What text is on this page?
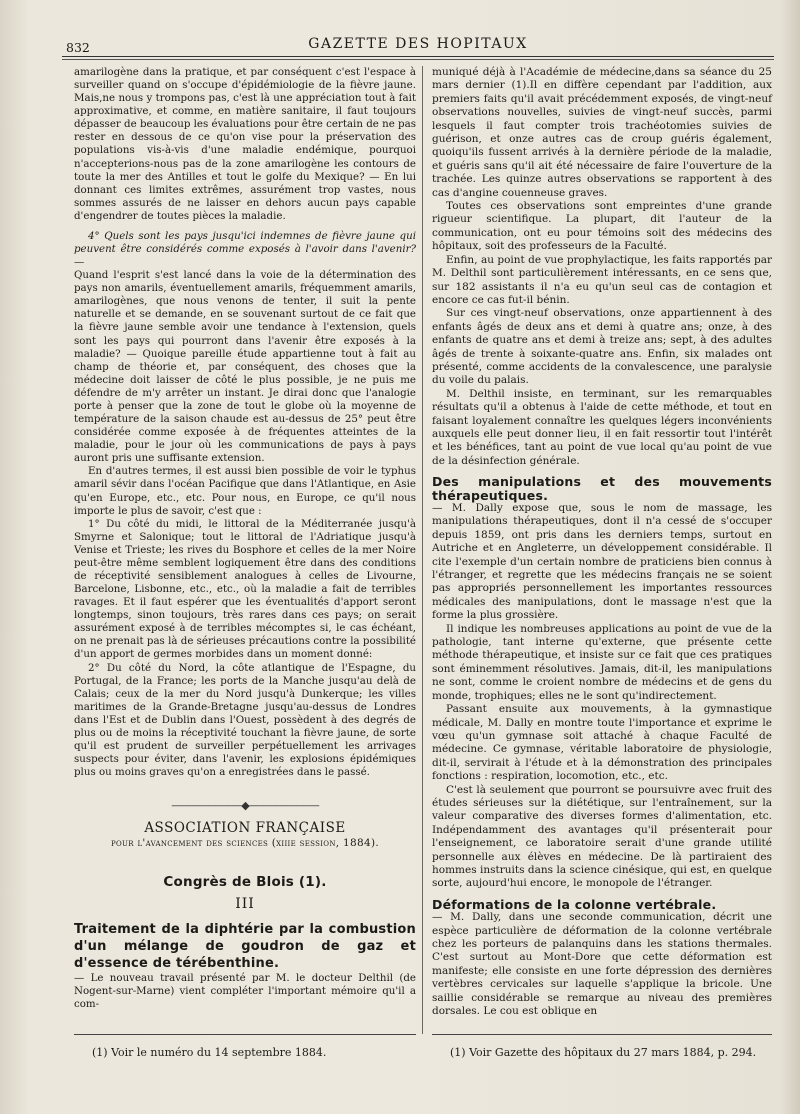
832	GAZETTE DES HOPITAUX

amarilogène dans la pratique, et par conséquent c'est l'espace à surveiller quand on s'occupe d'épidémiologie de la fièvre jaune. Mais,ne nous y trompons pas, c'est là une appréciation tout à fait approximative, et comme, en matière sanitaire, il faut toujours dépasser de beaucoup les évaluations pour être certain de ne pas rester en dessous de ce qu'on vise pour la préservation des populations vis-à-vis d'une maladie endémique, pourquoi n'accepterions-nous pas de la zone amarilogène les contours de toute la mer des Antilles et tout le golfe du Mexique? — En lui donnant ces limites extrêmes, assurément trop vastes, nous sommes assurés de ne laisser en dehors aucun pays capable d'engendrer de toutes pièces la maladie.

4° Quels sont les pays jusqu'ici indemnes de fièvre jaune qui peuvent être considérés comme exposés à l'avoir dans l'avenir? —

Quand l'esprit s'est lancé dans la voie de la détermination des pays non amarils, éventuellement amarils, fréquemment amarils, amarilogènes, que nous venons de tenter, il suit la pente naturelle et se demande, en se souvenant surtout de ce fait que la fièvre jaune semble avoir une tendance à l'extension, quels sont les pays qui pourront dans l'avenir être exposés à la maladie? — Quoique pareille étude appartienne tout à fait au champ de théorie et, par conséquent, des choses que la médecine doit laisser de côté le plus possible, je ne puis me défendre de m'y arrêter un instant. Je dirai donc que l'analogie porte à penser que la zone de tout le globe où la moyenne de température de la saison chaude est au-dessus de 25° peut être considérée comme exposée à de fréquentes atteintes de la maladie, pour le jour où les communications de pays à pays auront pris une suffisante extension.

En d'autres termes, il est aussi bien possible de voir le typhus amaril sévir dans l'océan Pacifique que dans l'Atlantique, en Asie qu'en Europe, etc., etc. Pour nous, en Europe, ce qu'il nous importe le plus de savoir, c'est que :

1° Du côté du midi, le littoral de la Méditerranée jusqu'à Smyrne et Salonique; tout le littoral de l'Adriatique jusqu'à Venise et Trieste; les rives du Bosphore et celles de la mer Noire peut-être même semblent logiquement être dans des conditions de réceptivité sensiblement analogues à celles de Livourne, Barcelone, Lisbonne, etc., etc., où la maladie a fait de terribles ravages. Et il faut espérer que les éventualités d'apport seront longtemps, sinon toujours, très rares dans ces pays; on serait assurément exposé à de terribles mécomptes si, le cas échéant, on ne prenait pas là de sérieuses précautions contre la possibilité d'un apport de germes morbides dans un moment donné:

2° Du côté du Nord, la côte atlantique de l'Espagne, du Portugal, de la France; les ports de la Manche jusqu'au delà de Calais; ceux de la mer du Nord jusqu'à Dunkerque; les villes maritimes de la Grande-Bretagne jusqu'au-dessus de Londres dans l'Est et de Dublin dans l'Ouest, possèdent à des degrés de plus ou de moins la réceptivité touchant la fièvre jaune, de sorte qu'il est prudent de surveiller perpétuellement les arrivages suspects pour éviter, dans l'avenir, les explosions épidémiques plus ou moins graves qu'on a enregistrées dans le passé.

———————◆———————
ASSOCIATION FRANÇAISE
pour l'avancement des sciences (xiiie session, 1884).
Congrès de Blois (1).
III
Traitement de la diphtérie par la combustion d'un mélange de goudron de gaz et d'essence de térébenthine.

— Le nouveau travail présenté par M. le docteur Delthil (de Nogent-sur-Marne) vient compléter l'important mémoire qu'il a com-

muniqué déjà à l'Académie de médecine,dans sa séance du 25 mars dernier (1).Il en diffère cependant par l'addition, aux premiers faits qu'il avait précédemment exposés, de vingt-neuf observations nouvelles, suivies de vingt-neuf succès, parmi lesquels il faut compter trois trachéotomies suivies de guérison, et onze autres cas de croup guéris également, quoiqu'ils fussent arrivés à la dernière période de la maladie, et guéris sans qu'il ait été nécessaire de faire l'ouverture de la trachée. Les quinze autres observations se rapportent à des cas d'angine couenneuse graves.

Toutes ces observations sont empreintes d'une grande rigueur scientifique. La plupart, dit l'auteur de la communication, ont eu pour témoins soit des médecins des hôpitaux, soit des professeurs de la Faculté.

Enfin, au point de vue prophylactique, les faits rapportés par M. Delthil sont particulièrement intéressants, en ce sens que, sur 182 assistants il n'a eu qu'un seul cas de contagion et encore ce cas fut-il bénin.

Sur ces vingt-neuf observations, onze appartiennent à des enfants âgés de deux ans et demi à quatre ans; onze, à des enfants de quatre ans et demi à treize ans; sept, à des adultes âgés de trente à soixante-quatre ans. Enfin, six malades ont présenté, comme accidents de la convalescence, une paralysie du voile du palais.

M. Delthil insiste, en terminant, sur les remarquables résultats qu'il a obtenus à l'aide de cette méthode, et tout en faisant loyalement connaître les quelques légers inconvénients auxquels elle peut donner lieu, il en fait ressortir tout l'intérêt et les bénéfices, tant au point de vue local qu'au point de vue de la désinfection générale.

Des manipulations et des mouvements thérapeutiques.

— M. Dally expose que, sous le nom de massage, les manipulations thérapeutiques, dont il n'a cessé de s'occuper depuis 1859, ont pris dans les derniers temps, surtout en Autriche et en Angleterre, un développement considérable. Il cite l'exemple d'un certain nombre de praticiens bien connus à l'étranger, et regrette que les médecins français ne se soient pas appropriés personnellement les importantes ressources médicales des manipulations, dont le massage n'est que la forme la plus grossière.

Il indique les nombreuses applications au point de vue de la pathologie, tant interne qu'externe, que présente cette méthode thérapeutique, et insiste sur ce fait que ces pratiques sont éminemment résolutives. Jamais, dit-il, les manipulations ne sont, comme le croient nombre de médecins et de gens du monde, trophiques; elles ne le sont qu'indirectement.

Passant ensuite aux mouvements, à la gymnastique médicale, M. Dally en montre toute l'importance et exprime le vœu qu'un gymnase soit attaché à chaque Faculté de médecine. Ce gymnase, véritable laboratoire de physiologie, dit-il, servirait à l'étude et à la démonstration des principales fonctions : respiration, locomotion, etc., etc.

C'est là seulement que pourront se poursuivre avec fruit des études sérieuses sur la diététique, sur l'entraînement, sur la valeur comparative des diverses formes d'alimentation, etc. Indépendamment des avantages qu'il présenterait pour l'enseignement, ce laboratoire serait d'une grande utilité personnelle aux élèves en médecine. De là partiraient des hommes instruits dans la science cinésique, qui est, en quelque sorte, aujourd'hui encore, le monopole de l'étranger.

Déformations de la colonne vertébrale.

— M. Dally, dans une seconde communication, décrit une espèce particulière de déformation de la colonne vertébrale chez les porteurs de palanquins dans les stations thermales. C'est surtout au Mont-Dore que cette déformation est manifeste; elle consiste en une forte dépression des dernières vertèbres cervicales sur laquelle s'applique la bricole. Une saillie considérable se remarque au niveau des premières dorsales. Le cou est oblique en

(1) Voir le numéro du 14 septembre 1884.	(1) Voir Gazette des hôpitaux du 27 mars 1884, p. 294.
